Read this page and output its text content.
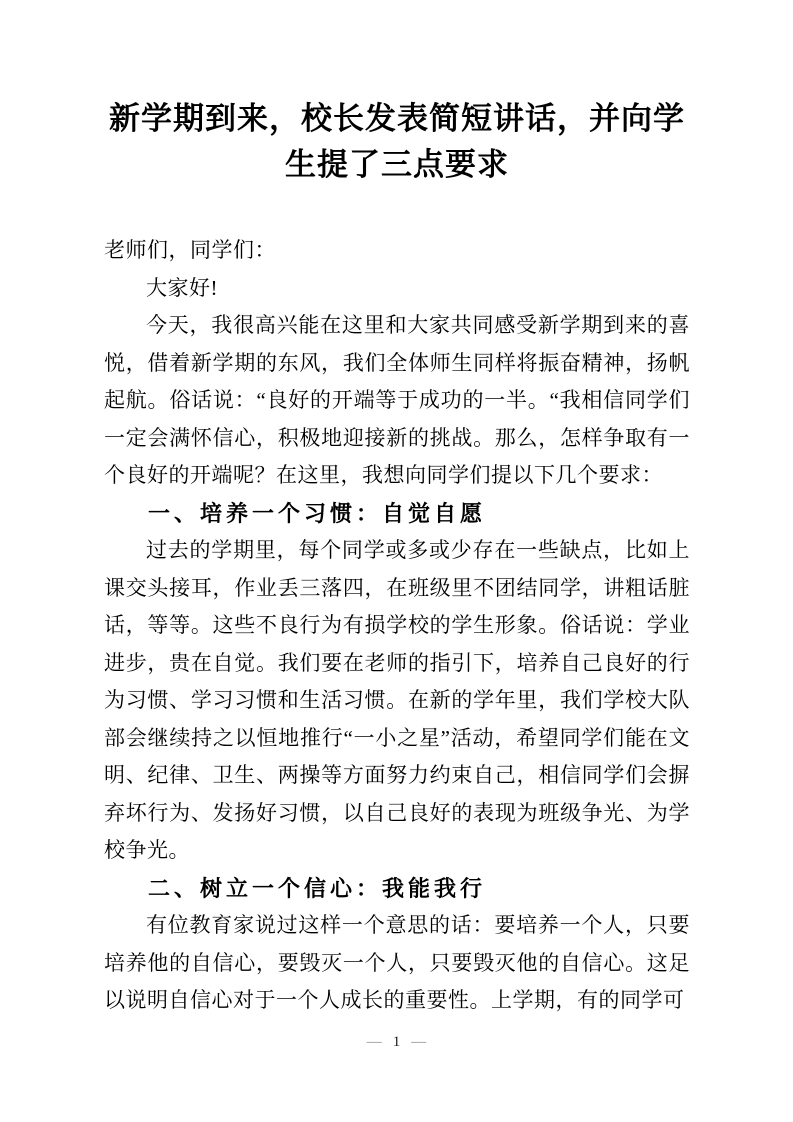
新学期到来，校长发表简短讲话，并向学生提了三点要求

老师们，同学们：

大家好!

今天，我很高兴能在这里和大家共同感受新学期到来的喜悦，借着新学期的东风，我们全体师生同样将振奋精神，扬帆起航。俗话说：“良好的开端等于成功的一半。“我相信同学们一定会满怀信心，积极地迎接新的挑战。那么，怎样争取有一个良好的开端呢？在这里，我想向同学们提以下几个要求：

一、培养一个习惯：自觉自愿

过去的学期里，每个同学或多或少存在一些缺点，比如上课交头接耳，作业丢三落四，在班级里不团结同学，讲粗话脏话，等等。这些不良行为有损学校的学生形象。俗话说：学业进步，贵在自觉。我们要在老师的指引下，培养自己良好的行为习惯、学习习惯和生活习惯。在新的学年里，我们学校大队部会继续持之以恒地推行“一小之星”活动，希望同学们能在文明、纪律、卫生、两操等方面努力约束自己，相信同学们会摒弃坏行为、发扬好习惯，以自己良好的表现为班级争光、为学校争光。

二、树立一个信心：我能我行

有位教育家说过这样一个意思的话：要培养一个人，只要培养他的自信心，要毁灭一个人，只要毁灭他的自信心。这足以说明自信心对于一个人成长的重要性。上学期，有的同学可

— 1 —
